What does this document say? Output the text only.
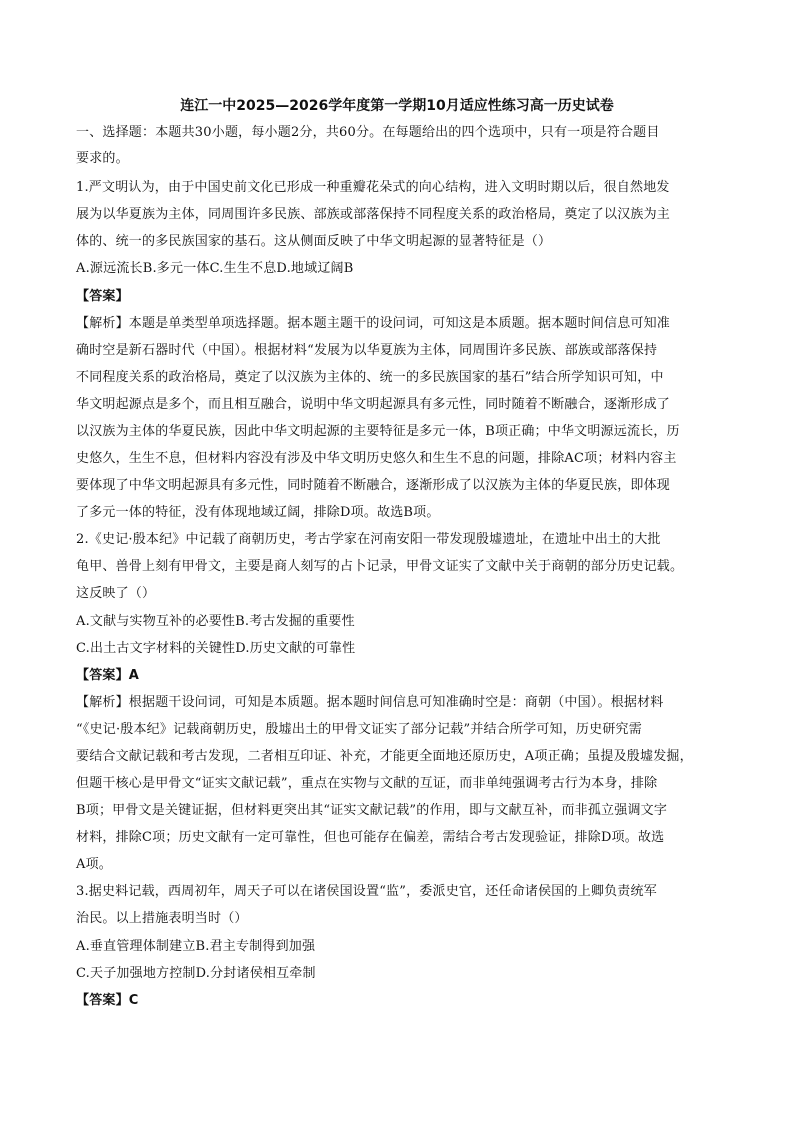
连江一中2025—2026学年度第一学期10月适应性练习高一历史试卷
一、选择题：本题共30小题，每小题2分，共60分。在每题给出的四个选项中，只有一项是符合题目
要求的。
1.严文明认为，由于中国史前文化已形成一种重瓣花朵式的向心结构，进入文明时期以后，很自然地发
展为以华夏族为主体，同周围许多民族、部族或部落保持不同程度关系的政治格局，奠定了以汉族为主
体的、统一的多民族国家的基石。这从侧面反映了中华文明起源的显著特征是（）
A.源远流长B.多元一体C.生生不息D.地域辽阔B
【答案】
【解析】本题是单类型单项选择题。据本题主题干的设问词，可知这是本质题。据本题时间信息可知准
确时空是新石器时代（中国）。根据材料“发展为以华夏族为主体，同周围许多民族、部族或部落保持
不同程度关系的政治格局，奠定了以汉族为主体的、统一的多民族国家的基石”结合所学知识可知，中
华文明起源点是多个，而且相互融合，说明中华文明起源具有多元性，同时随着不断融合，逐渐形成了
以汉族为主体的华夏民族，因此中华文明起源的主要特征是多元一体，B项正确；中华文明源远流长，历
史悠久，生生不息，但材料内容没有涉及中华文明历史悠久和生生不息的问题，排除AC项；材料内容主
要体现了中华文明起源具有多元性，同时随着不断融合，逐渐形成了以汉族为主体的华夏民族，即体现
了多元一体的特征，没有体现地域辽阔，排除D项。故选B项。
2.《史记·殷本纪》中记载了商朝历史，考古学家在河南安阳一带发现殷墟遗址，在遗址中出土的大批
龟甲、兽骨上刻有甲骨文，主要是商人刻写的占卜记录，甲骨文证实了文献中关于商朝的部分历史记载。
这反映了（）
A.文献与实物互补的必要性B.考古发掘的重要性
C.出土古文字材料的关键性D.历史文献的可靠性
【答案】A
【解析】根据题干设问词，可知是本质题。据本题时间信息可知准确时空是：商朝（中国）。根据材料
“《史记·殷本纪》记载商朝历史，殷墟出土的甲骨文证实了部分记载”并结合所学可知，历史研究需
要结合文献记载和考古发现，二者相互印证、补充，才能更全面地还原历史，A项正确；虽提及殷墟发掘，
但题干核心是甲骨文“证实文献记载”，重点在实物与文献的互证，而非单纯强调考古行为本身，排除
B项；甲骨文是关键证据，但材料更突出其“证实文献记载”的作用，即与文献互补，而非孤立强调文字
材料，排除C项；历史文献有一定可靠性，但也可能存在偏差，需结合考古发现验证，排除D项。故选
A项。
3.据史料记载，西周初年，周天子可以在诸侯国设置“监”，委派史官，还任命诸侯国的上卿负责统军
治民。以上措施表明当时（）
A.垂直管理体制建立B.君主专制得到加强
C.天子加强地方控制D.分封诸侯相互牵制
【答案】C
